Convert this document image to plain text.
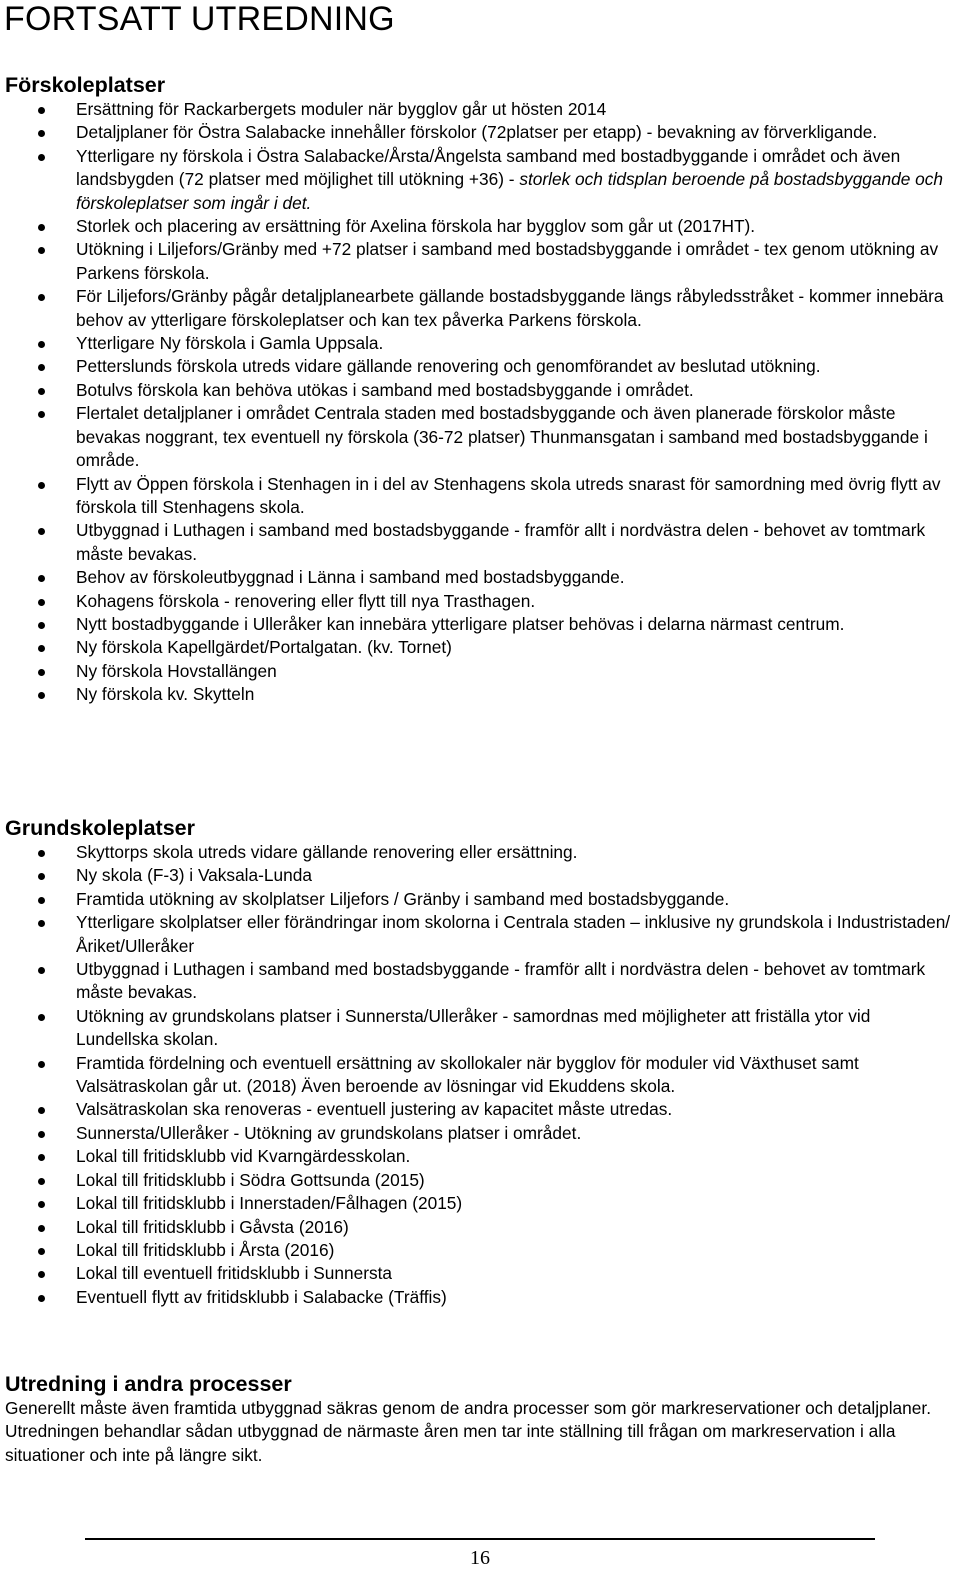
FORTSATT UTREDNING
Förskoleplatser
Ersättning för Rackarbergets moduler när bygglov går ut hösten 2014
Detaljplaner för Östra Salabacke innehåller förskolor (72platser per etapp) - bevakning av förverkligande.
Ytterligare ny förskola i Östra Salabacke/Årsta/Ångelsta samband med bostadbyggande i området och även landsbygden (72 platser med möjlighet till utökning +36) - storlek och tidsplan beroende på bostadsbyggande och förskoleplatser som ingår i det.
Storlek och placering av ersättning för Axelina förskola har bygglov som går ut (2017HT).
Utökning i Liljefors/Gränby med +72 platser i samband med bostadsbyggande i området - tex genom utökning av Parkens förskola.
För Liljefors/Gränby pågår detaljplanearbete gällande bostadsbyggande längs råbyledsstråket - kommer innebära behov av ytterligare förskoleplatser och kan tex påverka Parkens förskola.
Ytterligare Ny förskola i Gamla Uppsala.
Petterslunds förskola utreds vidare gällande renovering och genomförandet av beslutad utökning.
Botulvs förskola kan behöva utökas i samband med bostadsbyggande i området.
Flertalet detaljplaner i området Centrala staden med bostadsbyggande och även planerade förskolor måste bevakas noggrant, tex eventuell ny förskola (36-72 platser) Thunmansgatan i samband med bostadsbyggande i område.
Flytt av Öppen förskola i Stenhagen in i del av Stenhagens skola utreds snarast för samordning med övrig flytt av förskola till Stenhagens skola.
Utbyggnad i Luthagen i samband med bostadsbyggande - framför allt i nordvästra delen - behovet av tomtmark måste bevakas.
Behov av förskoleutbyggnad i Länna i samband med bostadsbyggande.
Kohagens förskola - renovering eller flytt till nya Trasthagen.
Nytt bostadbyggande i Ulleråker kan innebära ytterligare platser behövas i delarna närmast centrum.
Ny förskola Kapellgärdet/Portalgatan. (kv. Tornet)
Ny förskola Hovstallängen
Ny förskola kv. Skytteln
Grundskoleplatser
Skyttorps skola utreds vidare gällande renovering eller ersättning.
Ny skola (F-3) i Vaksala-Lunda
Framtida utökning av skolplatser Liljefors / Gränby i samband med bostadsbyggande.
Ytterligare skolplatser eller förändringar inom skolorna i Centrala staden – inklusive ny grundskola i Industristaden/Åriket/Ulleråker
Utbyggnad i Luthagen i samband med bostadsbyggande - framför allt i nordvästra delen - behovet av tomtmark måste bevakas.
Utökning av grundskolans platser i Sunnersta/Ulleråker - samordnas med möjligheter att friställa ytor vid Lundellska skolan.
Framtida fördelning och eventuell ersättning av skollokaler när bygglov för moduler vid Växthuset samt Valsätraskolan går ut. (2018) Även beroende av lösningar vid Ekuddens skola.
Valsätraskolan ska renoveras - eventuell justering av kapacitet måste utredas.
Sunnersta/Ulleråker - Utökning av grundskolans platser i området.
Lokal till fritidsklubb vid Kvarngärdesskolan.
Lokal till fritidsklubb i Södra Gottsunda (2015)
Lokal till fritidsklubb i Innerstaden/Fålhagen (2015)
Lokal till fritidsklubb i Gåvsta (2016)
Lokal till fritidsklubb i Årsta (2016)
Lokal till eventuell fritidsklubb i Sunnersta
Eventuell flytt av fritidsklubb i Salabacke (Träffis)
Utredning i andra processer

Generellt måste även framtida utbyggnad säkras genom de andra processer som gör markreservationer och detaljplaner. Utredningen behandlar sådan utbyggnad de närmaste åren men tar inte ställning till frågan om markreservation i alla situationer och inte på längre sikt.

16
